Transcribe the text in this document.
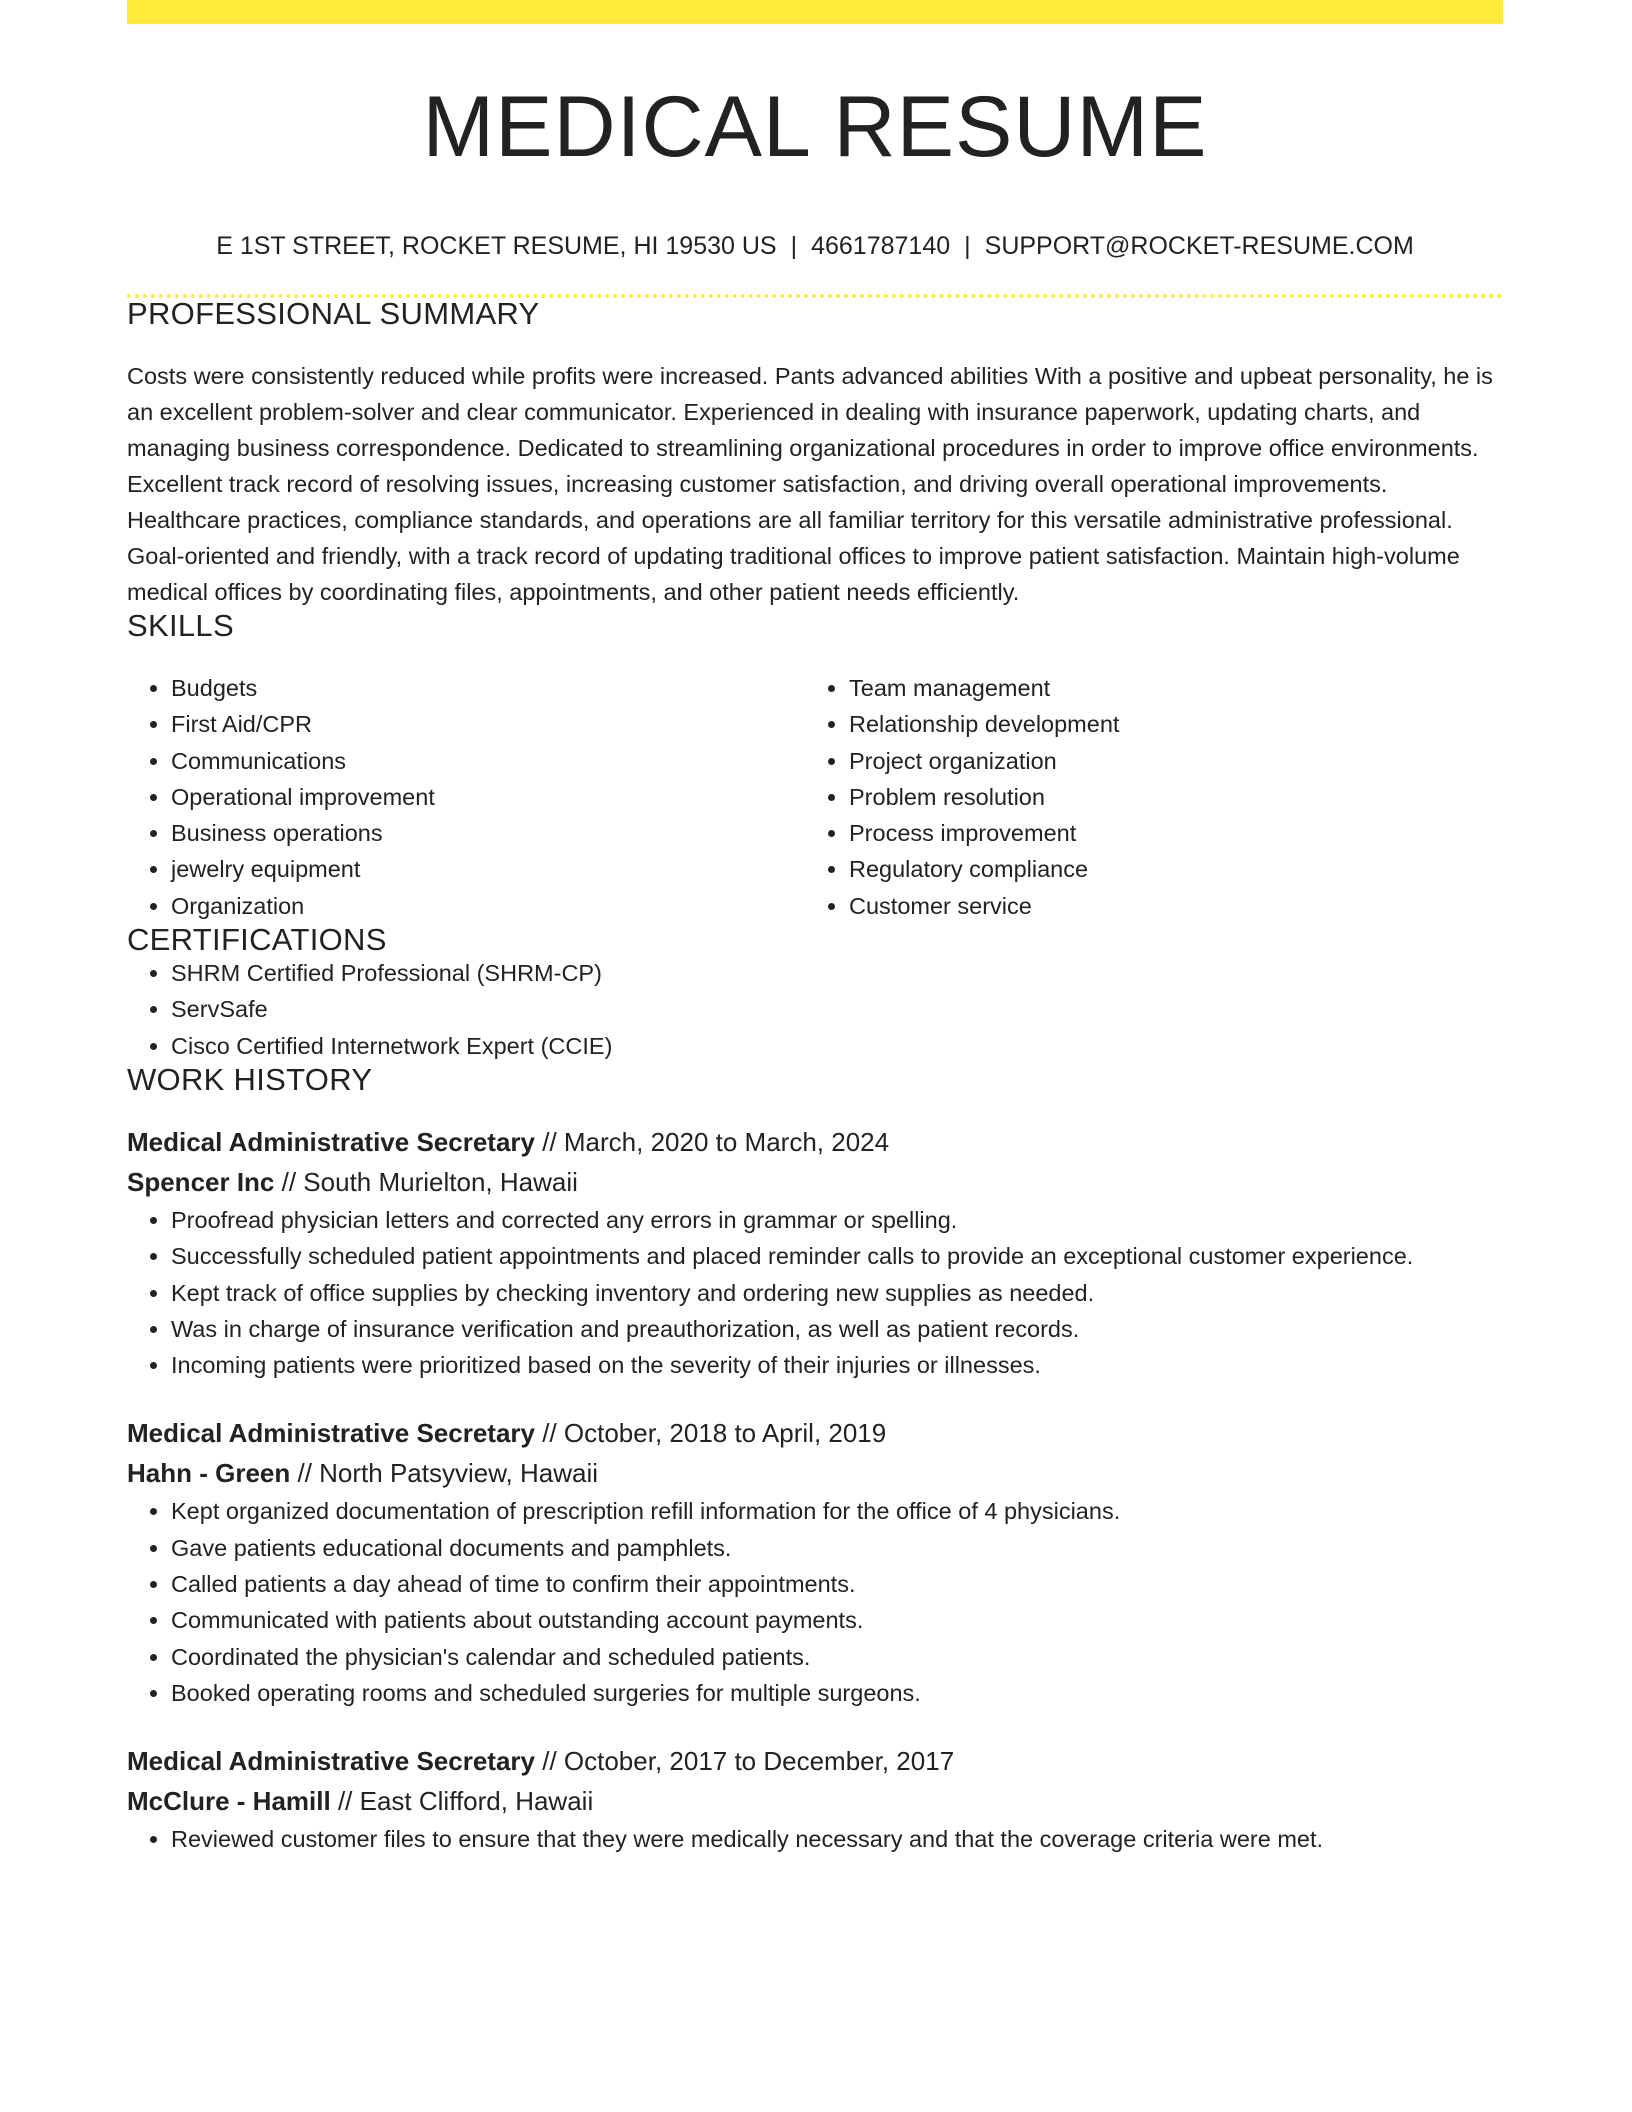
MEDICAL RESUME
E 1ST STREET, ROCKET RESUME, HI 19530 US | 4661787140 | SUPPORT@ROCKET-RESUME.COM
PROFESSIONAL SUMMARY
Costs were consistently reduced while profits were increased. Pants advanced abilities With a positive and upbeat personality, he is an excellent problem-solver and clear communicator. Experienced in dealing with insurance paperwork, updating charts, and managing business correspondence. Dedicated to streamlining organizational procedures in order to improve office environments. Excellent track record of resolving issues, increasing customer satisfaction, and driving overall operational improvements. Healthcare practices, compliance standards, and operations are all familiar territory for this versatile administrative professional. Goal-oriented and friendly, with a track record of updating traditional offices to improve patient satisfaction. Maintain high-volume medical offices by coordinating files, appointments, and other patient needs efficiently.
SKILLS
• Budgets
• First Aid/CPR
• Communications
• Operational improvement
• Business operations
• jewelry equipment
• Organization
• Team management
• Relationship development
• Project organization
• Problem resolution
• Process improvement
• Regulatory compliance
• Customer service
CERTIFICATIONS
• SHRM Certified Professional (SHRM-CP)
• ServSafe
• Cisco Certified Internetwork Expert (CCIE)
WORK HISTORY
Medical Administrative Secretary // March, 2020 to March, 2024
Spencer Inc // South Murielton, Hawaii
• Proofread physician letters and corrected any errors in grammar or spelling.
• Successfully scheduled patient appointments and placed reminder calls to provide an exceptional customer experience.
• Kept track of office supplies by checking inventory and ordering new supplies as needed.
• Was in charge of insurance verification and preauthorization, as well as patient records.
• Incoming patients were prioritized based on the severity of their injuries or illnesses.
Medical Administrative Secretary // October, 2018 to April, 2019
Hahn - Green // North Patsyview, Hawaii
• Kept organized documentation of prescription refill information for the office of 4 physicians.
• Gave patients educational documents and pamphlets.
• Called patients a day ahead of time to confirm their appointments.
• Communicated with patients about outstanding account payments.
• Coordinated the physician's calendar and scheduled patients.
• Booked operating rooms and scheduled surgeries for multiple surgeons.
Medical Administrative Secretary // October, 2017 to December, 2017
McClure - Hamill // East Clifford, Hawaii
• Reviewed customer files to ensure that they were medically necessary and that the coverage criteria were met.
